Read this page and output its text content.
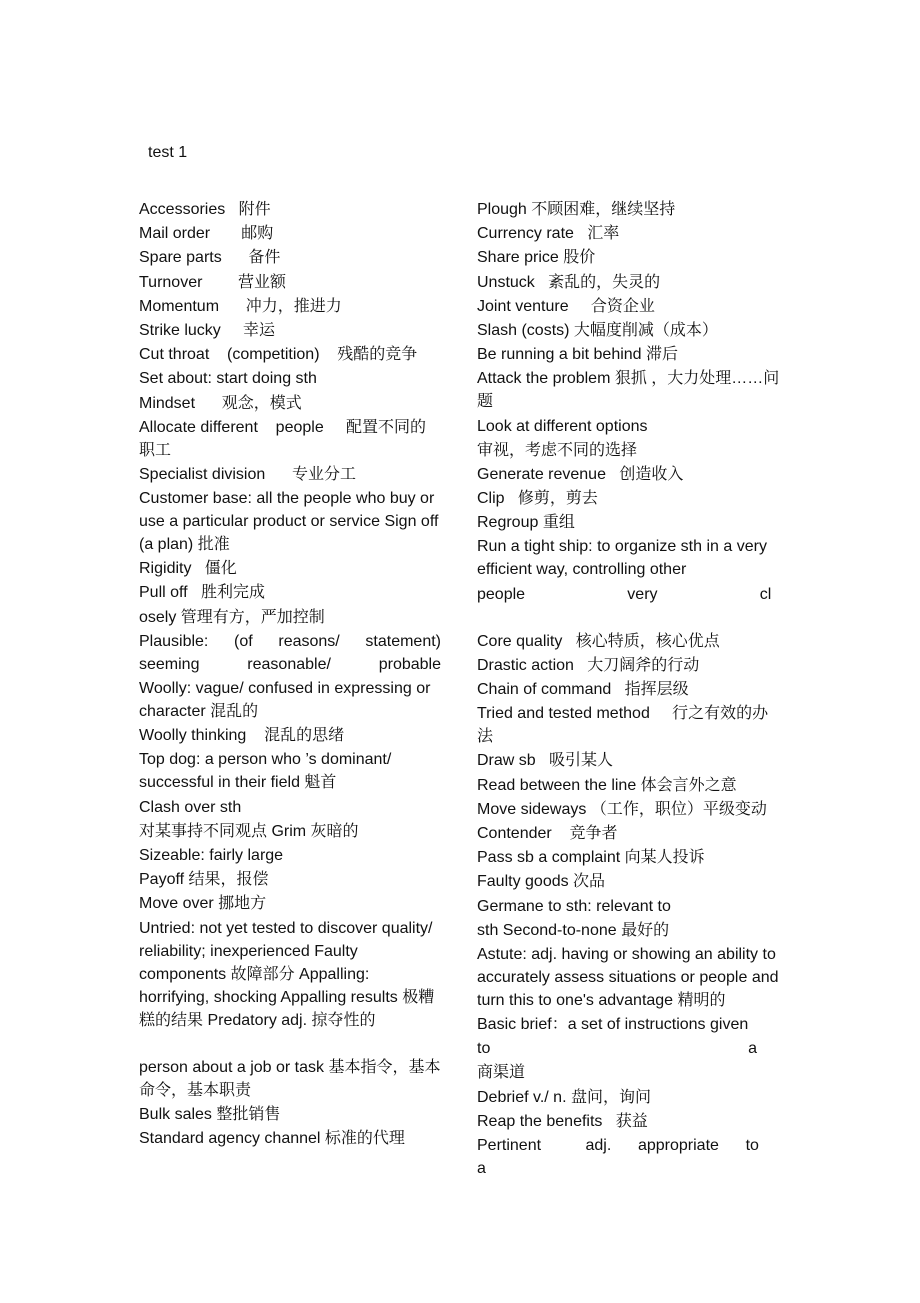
test 1
Accessories   附件
Mail order       邮购
Spare parts      备件
Turnover        营业额
Momentum      冲力，推进力
Strike lucky     幸运
Cut throat    (competition)    残酷的竞争
Set about: start doing sth
Mindset      观念，模式
Allocate different    people     配置不同的职工
Specialist division      专业分工
Customer base: all the people who buy or use a particular product or service Sign off (a plan) 批准
Rigidity   僵化
Pull off   胜利完成
osely 管理有方，严加控制
Plausible:  (of  reasons/  statement) seeming reasonable/ probable
Woolly: vague/ confused in expressing or character 混乱的
Woolly thinking    混乱的思绪
Top dog: a person who ’s dominant/ successful in their field 魁首
Clash over sth
对某事持不同观点 Grim 灰暗的
Sizeable: fairly large
Payoff 结果，报偿
Move over 挪地方
Untried: not yet tested to discover quality/ reliability; inexperienced Faulty components 故障部分 Appalling: horrifying, shocking Appalling results 极糟糕的结果 Predatory adj. 掠夺性的
person about a job or task 基本指令，基本命令，基本职责
Bulk sales 整批销售
Standard agency channel 标准的代理
Plough 不顾困难，继续坚持
Currency rate   汇率
Share price 股价
Unstuck   紊乱的，失灵的
Joint venture     合资企业
Slash (costs) 大幅度削减（成本）
Be running a bit behind 滞后
Attack the problem 狠抓 ，大力处理……问题
Look at different options
审视，考虑不同的选择
Generate revenue   创造收入
Clip   修剪，剪去
Regroup 重组
Run a tight ship: to organize sth in a very efficient way, controlling other
people                       very                       cl
Core quality   核心特质，核心优点
Drastic action   大刀阔斧的行动
Chain of command   指挥层级
Tried and tested method     行之有效的办法
Draw sb   吸引某人
Read between the line 体会言外之意
Move sideways （工作，职位）平级变动
Contender    竞争者
Pass sb a complaint 向某人投诉
Faulty goods 次品
Germane to sth: relevant to
sth Second-to-none 最好的
Astute: adj. having or showing an ability to accurately assess situations or people and turn this to one's advantage 精明的
Basic brief：a set of instructions given
to                                                          a
商渠道
Debrief v./ n. 盘问，询问
Reap the benefits   获益
Pertinent          adj.      appropriate      to      a
